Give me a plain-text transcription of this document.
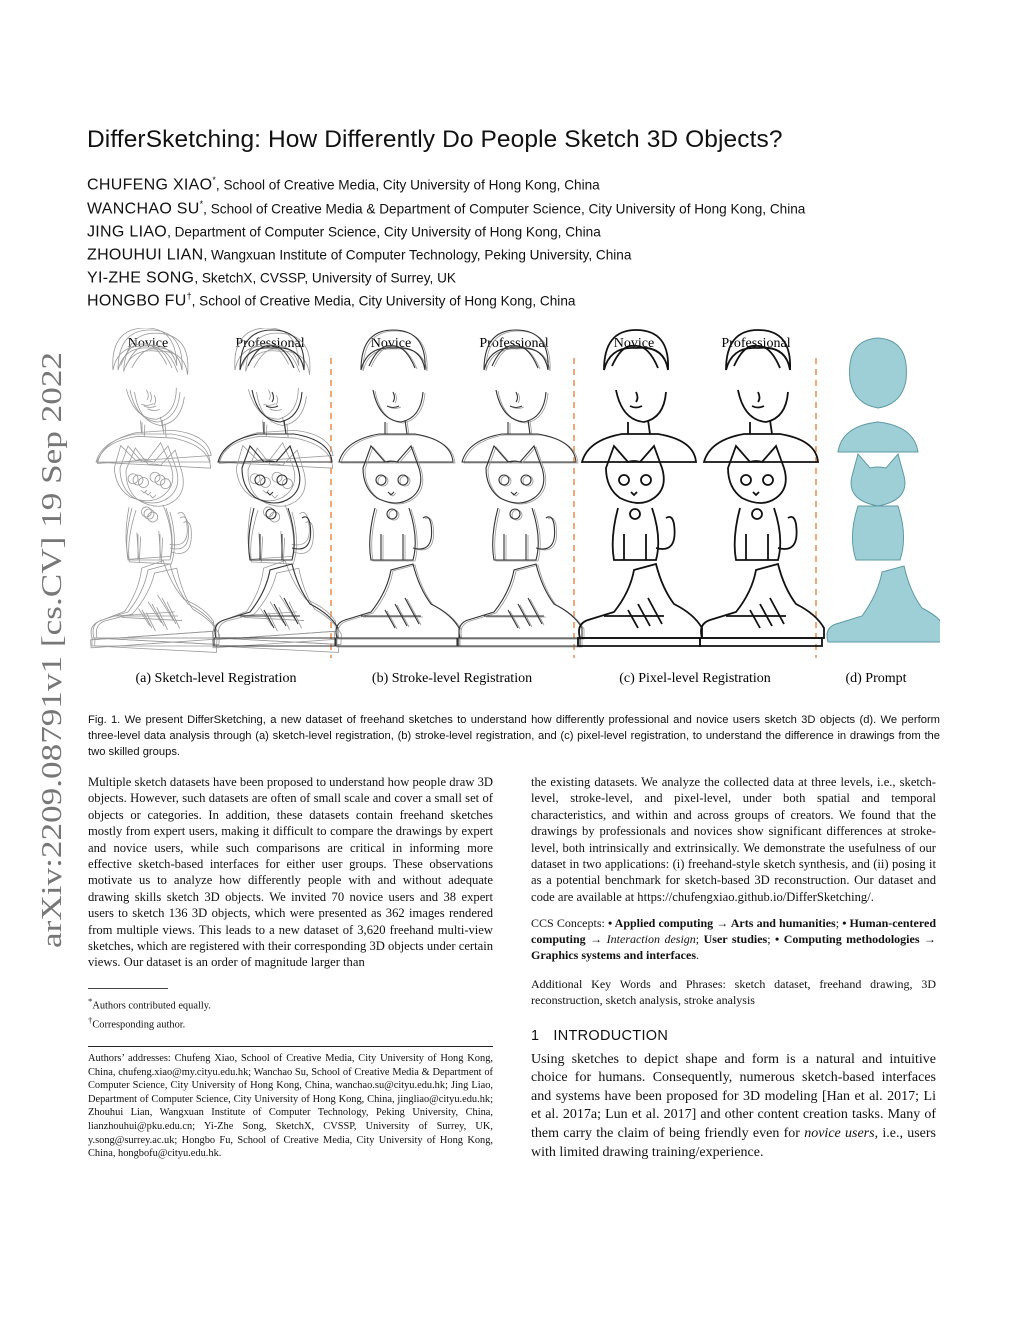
arXiv:2209.08791v1 [cs.CV] 19 Sep 2022
DifferSketching: How Differently Do People Sketch 3D Objects?
CHUFENG XIAO*, School of Creative Media, City University of Hong Kong, China
WANCHAO SU*, School of Creative Media & Department of Computer Science, City University of Hong Kong, China
JING LIAO, Department of Computer Science, City University of Hong Kong, China
ZHOUHUI LIAN, Wangxuan Institute of Computer Technology, Peking University, China
YI-ZHE SONG, SketchX, CVSSP, University of Surrey, UK
HONGBO FU†, School of Creative Media, City University of Hong Kong, China
Novice	Professional	Novice	Professional	Novice	Professional
(a) Sketch-level Registration	(b) Stroke-level Registration	(c) Pixel-level Registration	(d) Prompt

Fig. 1. We present DifferSketching, a new dataset of freehand sketches to understand how differently professional and novice users sketch 3D objects (d). We perform three-level data analysis through (a) sketch-level registration, (b) stroke-level registration, and (c) pixel-level registration, to understand the difference in drawings from the two skilled groups.

Multiple sketch datasets have been proposed to understand how people draw 3D objects. However, such datasets are often of small scale and cover a small set of objects or categories. In addition, these datasets contain freehand sketches mostly from expert users, making it difficult to compare the drawings by expert and novice users, while such comparisons are critical in informing more effective sketch-based interfaces for either user groups. These observations motivate us to analyze how differently people with and without adequate drawing skills sketch 3D objects. We invited 70 novice users and 38 expert users to sketch 136 3D objects, which were presented as 362 images rendered from multiple views. This leads to a new dataset of 3,620 freehand multi-view sketches, which are registered with their corresponding 3D objects under certain views. Our dataset is an order of magnitude larger than

the existing datasets. We analyze the collected data at three levels, i.e., sketch-level, stroke-level, and pixel-level, under both spatial and temporal characteristics, and within and across groups of creators. We found that the drawings by professionals and novices show significant differences at stroke-level, both intrinsically and extrinsically. We demonstrate the usefulness of our dataset in two applications: (i) freehand-style sketch synthesis, and (ii) posing it as a potential benchmark for sketch-based 3D reconstruction. Our dataset and code are available at https://chufengxiao.github.io/DifferSketching/.

CCS Concepts: • Applied computing → Arts and humanities; • Human-centered computing → Interaction design; User studies; • Computing methodologies → Graphics systems and interfaces.

Additional Key Words and Phrases: sketch dataset, freehand drawing, 3D reconstruction, sketch analysis, stroke analysis

1 INTRODUCTION

Using sketches to depict shape and form is a natural and intuitive choice for humans. Consequently, numerous sketch-based interfaces and systems have been proposed for 3D modeling [Han et al. 2017; Li et al. 2017a; Lun et al. 2017] and other content creation tasks. Many of them carry the claim of being friendly even for novice users, i.e., users with limited drawing training/experience.

*Authors contributed equally.
†Corresponding author.
Authors’ addresses: Chufeng Xiao, School of Creative Media, City University of Hong Kong, China, chufeng.xiao@my.cityu.edu.hk; Wanchao Su, School of Creative Media & Department of Computer Science, City University of Hong Kong, China, wanchao.su@cityu.edu.hk; Jing Liao, Department of Computer Science, City University of Hong Kong, China, jingliao@cityu.edu.hk; Zhouhui Lian, Wangxuan Institute of Computer Technology, Peking University, China, lianzhouhui@pku.edu.cn; Yi-Zhe Song, SketchX, CVSSP, University of Surrey, UK, y.song@surrey.ac.uk; Hongbo Fu, School of Creative Media, City University of Hong Kong, China, hongbofu@cityu.edu.hk.
